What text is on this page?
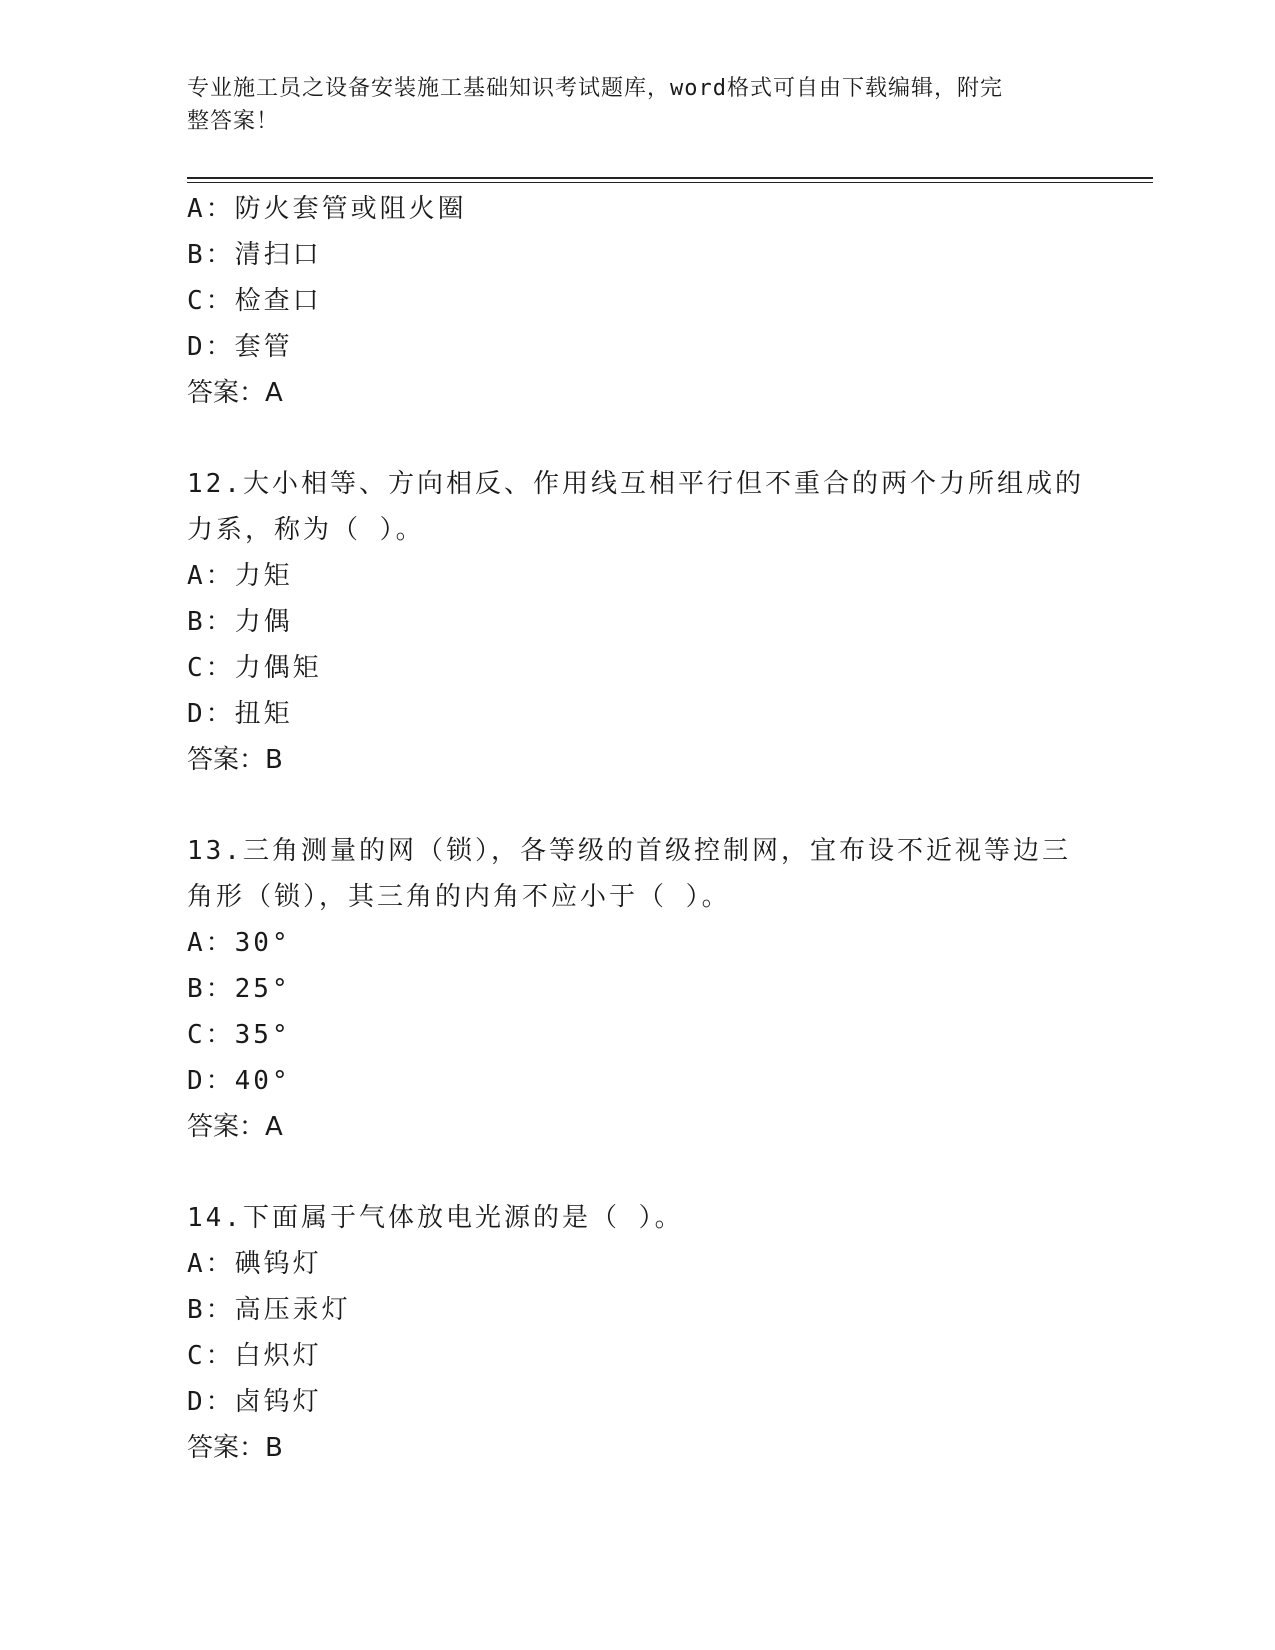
专业施工员之设备安装施工基础知识考试题库，word格式可自由下载编辑，附完
整答案！
A：防火套管或阻火圈
B：清扫口
C：检查口
D：套管
答案：A
12.大小相等、方向相反、作用线互相平行但不重合的两个力所组成的
力系，称为（ ）。
A：力矩
B：力偶
C：力偶矩
D：扭矩
答案：B
13.三角测量的网（锁），各等级的首级控制网，宜布设不近视等边三
角形（锁），其三角的内角不应小于（ ）。
A：30°
B：25°
C：35°
D：40°
答案：A
14.下面属于气体放电光源的是（ ）。
A：碘钨灯
B：高压汞灯
C：白炽灯
D：卤钨灯
答案：B
